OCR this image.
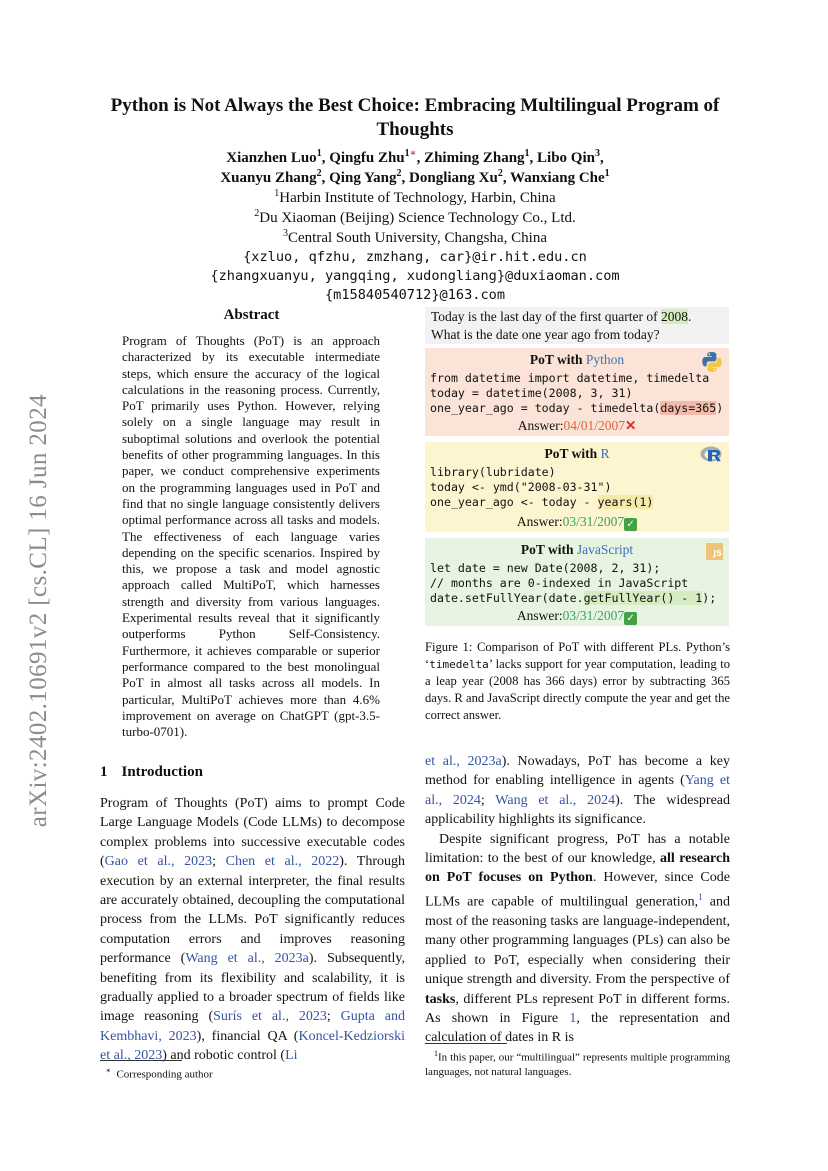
arXiv:2402.10691v2 [cs.CL] 16 Jun 2024
Python is Not Always the Best Choice: Embracing Multilingual Program of Thoughts
Xianzhen Luo$^1$, Qingfu Zhu$^{1∗}$, Zhiming Zhang$^1$, Libo Qin$^3$,
Xuanyu Zhang$^2$, Qing Yang$^2$, Dongliang Xu$^2$, Wanxiang Che$^1$
$^1$Harbin Institute of Technology, Harbin, China
$^2$Du Xiaoman (Beijing) Science Technology Co., Ltd.
$^3$Central South University, Changsha, China
{xzluo, qfzhu, zmzhang, car}@ir.hit.edu.cn
{zhangxuanyu, yangqing, xudongliang}@duxiaoman.com
{m15840540712}@163.com
Abstract
Program of Thoughts (PoT) is an approach characterized by its executable intermediate steps, which ensure the accuracy of the logical calculations in the reasoning process. Currently, PoT primarily uses Python. However, relying solely on a single language may result in suboptimal solutions and overlook the potential benefits of other programming languages. In this paper, we conduct comprehensive experiments on the programming languages used in PoT and find that no single language consistently delivers optimal performance across all tasks and models. The effectiveness of each language varies depending on the specific scenarios. Inspired by this, we propose a task and model agnostic approach called MultiPoT, which harnesses strength and diversity from various languages. Experimental results reveal that it significantly outperforms Python Self-Consistency. Furthermore, it achieves comparable or superior performance compared to the best monolingual PoT in almost all tasks across all models. In particular, MultiPoT achieves more than 4.6% improvement on average on ChatGPT (gpt-3.5-turbo-0701).
1 Introduction
Program of Thoughts (PoT) aims to prompt Code Large Language Models (Code LLMs) to decompose complex problems into successive executable codes (Gao et al., 2023; Chen et al., 2022). Through execution by an external interpreter, the final results are accurately obtained, decoupling the computational process from the LLMs. PoT significantly reduces computation errors and improves reasoning performance (Wang et al., 2023a). Subsequently, benefiting from its flexibility and scalability, it is gradually applied to a broader spectrum of fields like image reasoning (Surís et al., 2023; Gupta and Kembhavi, 2023), financial QA (Koncel-Kedziorski et al., 2023) and robotic control (Li
∗ Corresponding author
Today is the last day of the first quarter of 2008.
What is the date one year ago from today?
PoT with Python
from datetime import datetime, timedelta
today = datetime(2008, 3, 31)
one_year_ago = today - timedelta(days=365)
Answer:04/01/2007✕
PoT with R
library(lubridate)
today <- ymd("2008-03-31")
one_year_ago <- today - years(1)
Answer:03/31/2007 ✓
PoT with JavaScript	JS
let date = new Date(2008, 2, 31);
// months are 0-indexed in JavaScript
date.setFullYear(date.getFullYear() - 1);
Answer:03/31/2007 ✓
Figure 1: Comparison of PoT with different PLs. Python’s ‘timedelta’ lacks support for year computation, leading to a leap year (2008 has 366 days) error by subtracting 365 days. R and JavaScript directly compute the year and get the correct answer.

et al., 2023a). Nowadays, PoT has become a key method for enabling intelligence in agents (Yang et al., 2024; Wang et al., 2024). The widespread applicability highlights its significance.

Despite significant progress, PoT has a notable limitation: to the best of our knowledge, all research on PoT focuses on Python. However, since Code LLMs are capable of multilingual generation,$^1$ and most of the reasoning tasks are language-independent, many other programming languages (PLs) can also be applied to PoT, especially when considering their unique strength and diversity. From the perspective of tasks, different PLs represent PoT in different forms. As shown in Figure 1, the representation and calculation of dates in R is

$^1$In this paper, our “multilingual” represents multiple programming languages, not natural languages.
